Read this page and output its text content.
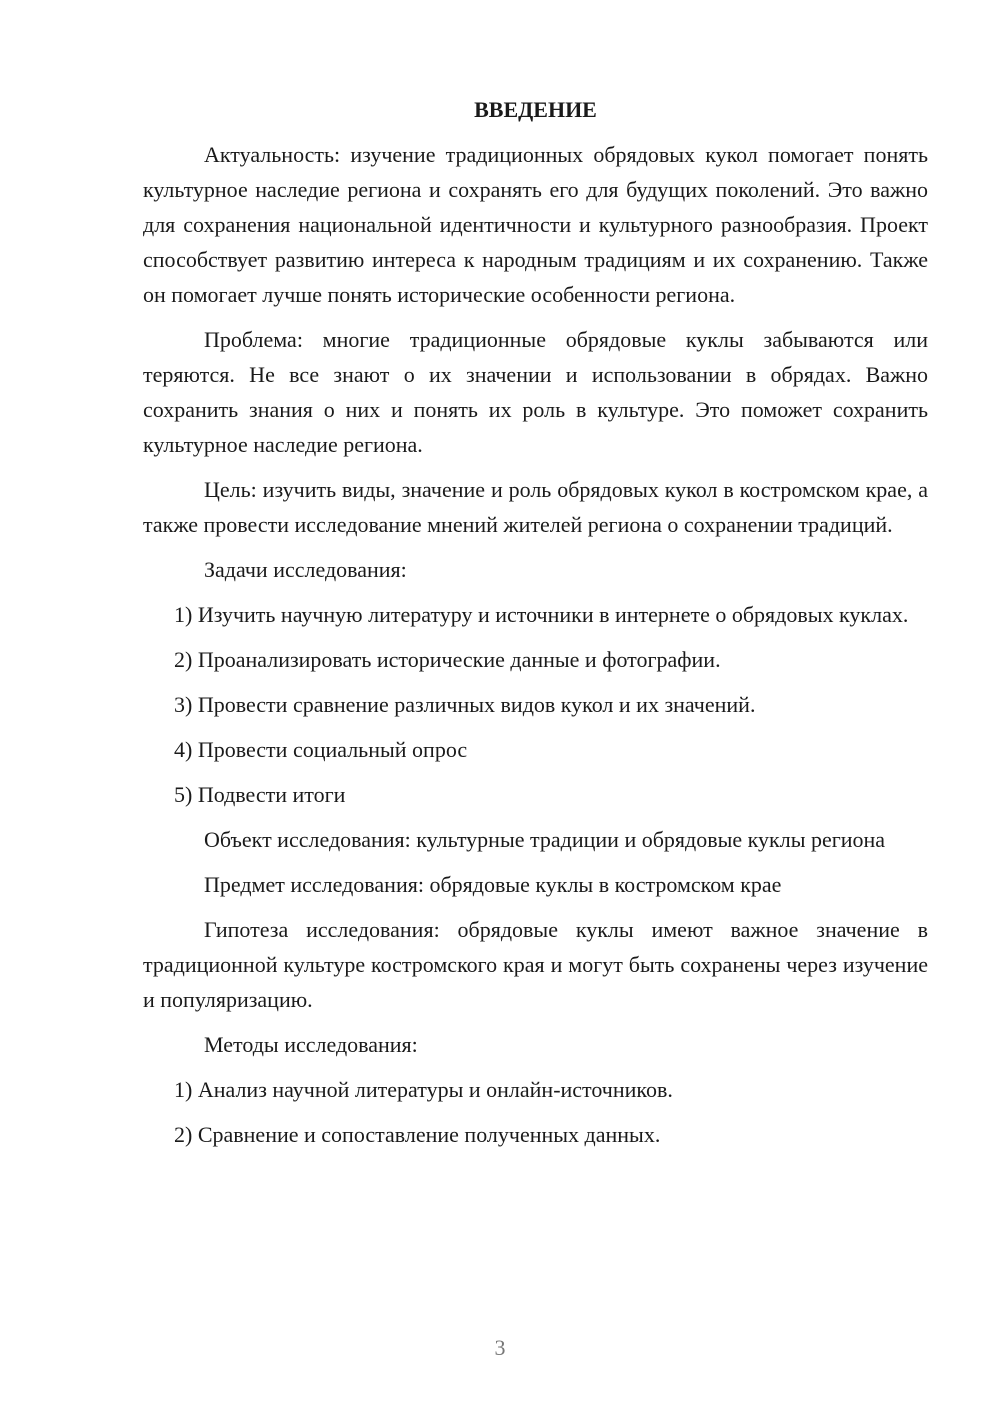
ВВЕДЕНИЕ

Актуальность: изучение традиционных обрядовых кукол помогает понять культурное наследие региона и сохранять его для будущих поколений. Это важно для сохранения национальной идентичности и культурного разнообразия. Проект способствует развитию интереса к народным традициям и их сохранению. Также он помогает лучше понять исторические особенности региона.

Проблема: многие традиционные обрядовые куклы забываются или теряются. Не все знают о их значении и использовании в обрядах. Важно сохранить знания о них и понять их роль в культуре. Это поможет сохранить культурное наследие региона.

Цель: изучить виды, значение и роль обрядовых кукол в костромском крае, а также провести исследование мнений жителей региона о сохранении традиций.

Задачи исследования:

1) Изучить научную литературу и источники в интернете о обрядовых куклах.

2) Проанализировать исторические данные и фотографии.

3) Провести сравнение различных видов кукол и их значений.

4) Провести социальный опрос

5) Подвести итоги

Объект исследования: культурные традиции и обрядовые куклы региона

Предмет исследования: обрядовые куклы в костромском крае

Гипотеза исследования: обрядовые куклы имеют важное значение в традиционной культуре костромского края и могут быть сохранены через изучение и популяризацию.

Методы исследования:

1) Анализ научной литературы и онлайн-источников.

2) Сравнение и сопоставление полученных данных.

3
